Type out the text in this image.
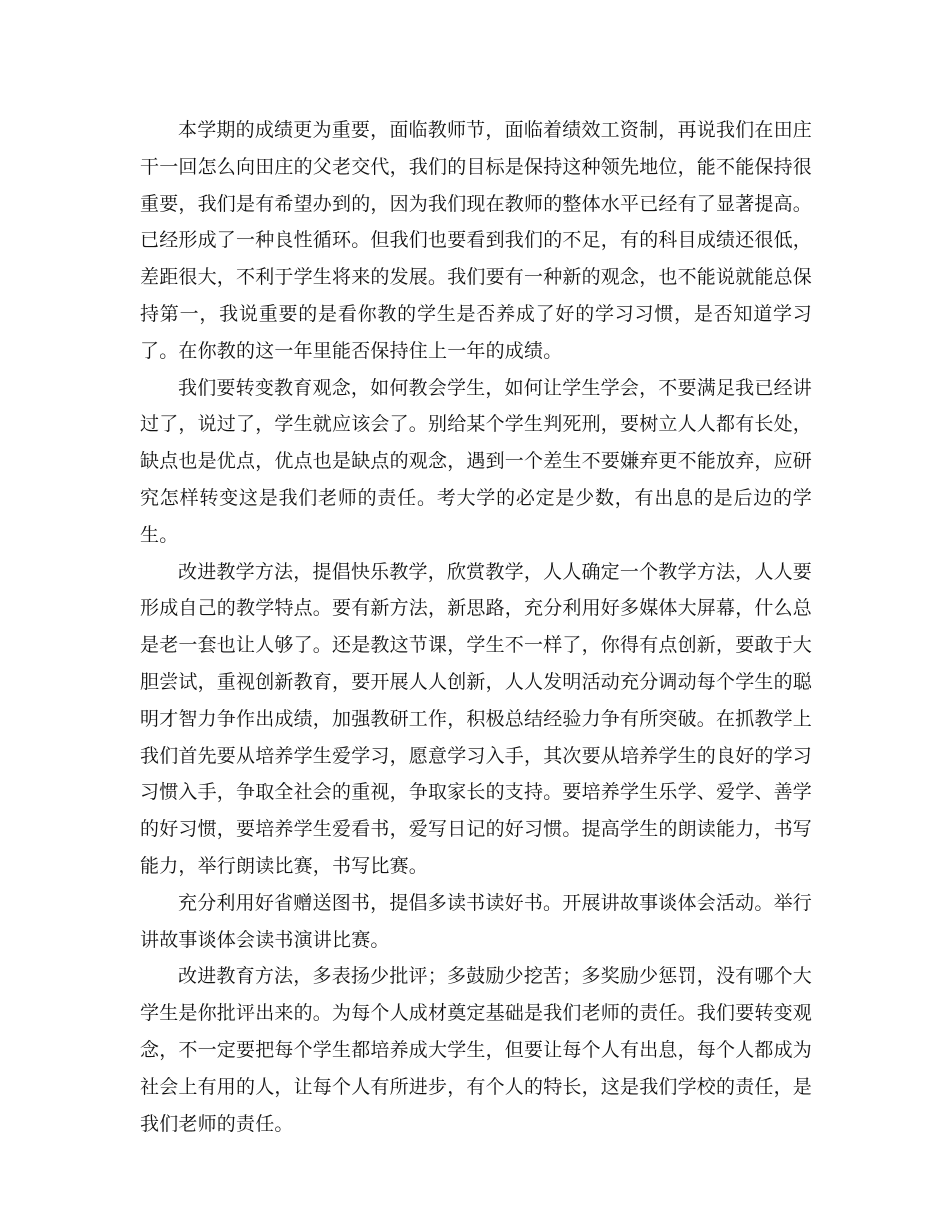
本学期的成绩更为重要，面临教师节，面临着绩效工资制，再说我们在田庄干一回怎么向田庄的父老交代，我们的目标是保持这种领先地位，能不能保持很重要，我们是有希望办到的，因为我们现在教师的整体水平已经有了显著提高。已经形成了一种良性循环。但我们也要看到我们的不足，有的科目成绩还很低，差距很大，不利于学生将来的发展。我们要有一种新的观念，也不能说就能总保持第一，我说重要的是看你教的学生是否养成了好的学习习惯，是否知道学习了。在你教的这一年里能否保持住上一年的成绩。

我们要转变教育观念，如何教会学生，如何让学生学会，不要满足我已经讲过了，说过了，学生就应该会了。别给某个学生判死刑，要树立人人都有长处，缺点也是优点，优点也是缺点的观念，遇到一个差生不要嫌弃更不能放弃，应研究怎样转变这是我们老师的责任。考大学的必定是少数，有出息的是后边的学生。

改进教学方法，提倡快乐教学，欣赏教学，人人确定一个教学方法，人人要形成自己的教学特点。要有新方法，新思路，充分利用好多媒体大屏幕，什么总是老一套也让人够了。还是教这节课，学生不一样了，你得有点创新，要敢于大胆尝试，重视创新教育，要开展人人创新，人人发明活动充分调动每个学生的聪明才智力争作出成绩，加强教研工作，积极总结经验力争有所突破。在抓教学上我们首先要从培养学生爱学习，愿意学习入手，其次要从培养学生的良好的学习习惯入手，争取全社会的重视，争取家长的支持。要培养学生乐学、爱学、善学的好习惯，要培养学生爱看书，爱写日记的好习惯。提高学生的朗读能力，书写能力，举行朗读比赛，书写比赛。

充分利用好省赠送图书，提倡多读书读好书。开展讲故事谈体会活动。举行讲故事谈体会读书演讲比赛。

改进教育方法，多表扬少批评；多鼓励少挖苦；多奖励少惩罚，没有哪个大学生是你批评出来的。为每个人成材奠定基础是我们老师的责任。我们要转变观念，不一定要把每个学生都培养成大学生，但要让每个人有出息，每个人都成为社会上有用的人，让每个人有所进步，有个人的特长，这是我们学校的责任，是我们老师的责任。
